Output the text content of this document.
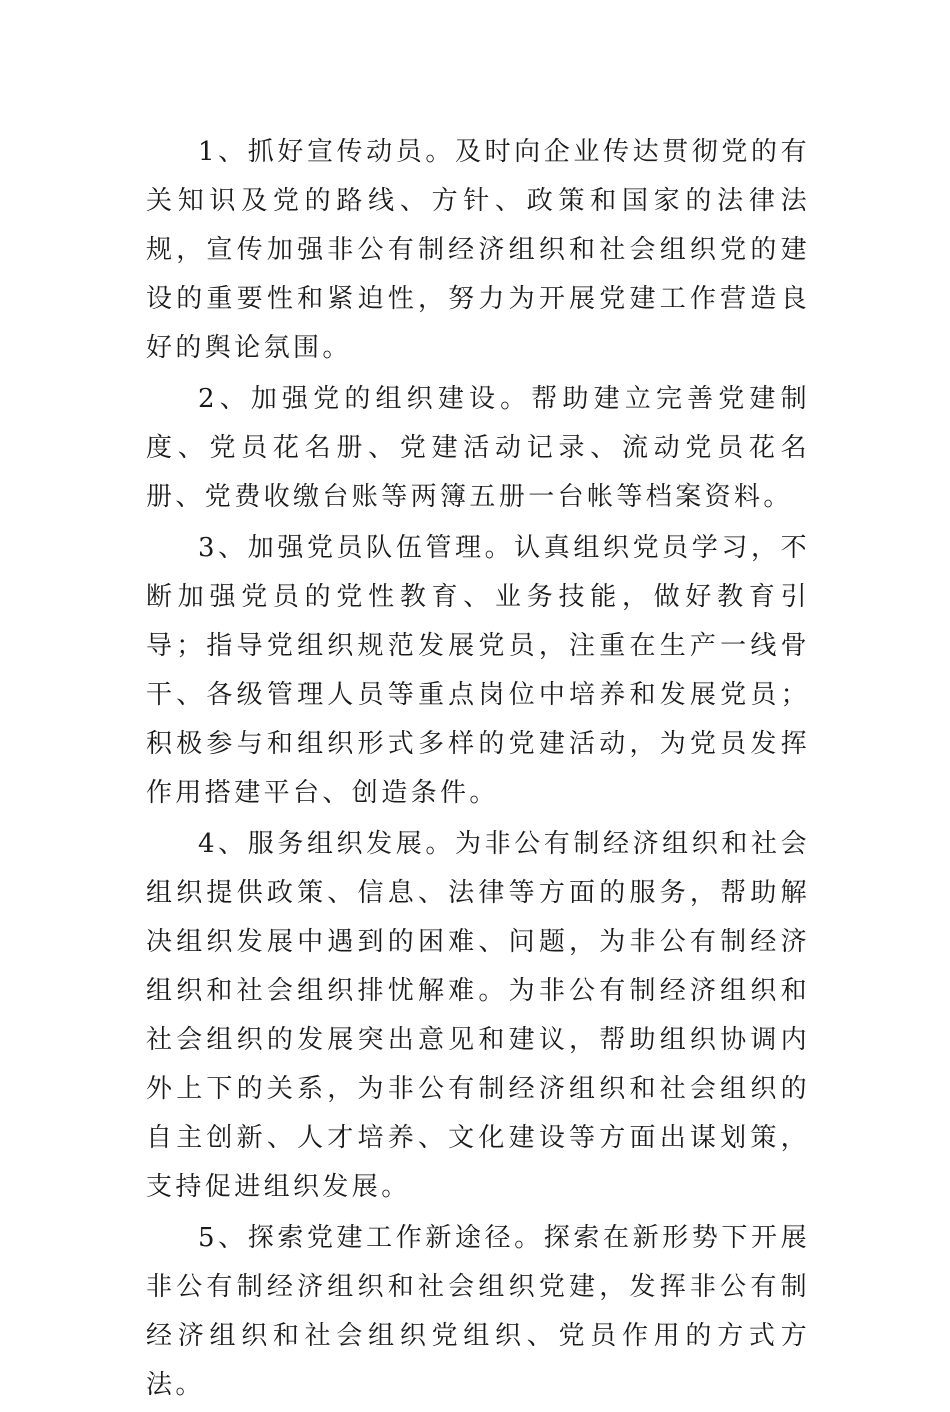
1、抓好宣传动员。及时向企业传达贯彻党的有关知识及党的路线、方针、政策和国家的法律法规，宣传加强非公有制经济组织和社会组织党的建设的重要性和紧迫性，努力为开展党建工作营造良好的舆论氛围。

2、加强党的组织建设。帮助建立完善党建制度、党员花名册、党建活动记录、流动党员花名册、党费收缴台账等两簿五册一台帐等档案资料。

3、加强党员队伍管理。认真组织党员学习，不断加强党员的党性教育、业务技能，做好教育引导；指导党组织规范发展党员，注重在生产一线骨干、各级管理人员等重点岗位中培养和发展党员；积极参与和组织形式多样的党建活动，为党员发挥作用搭建平台、创造条件。

4、服务组织发展。为非公有制经济组织和社会组织提供政策、信息、法律等方面的服务，帮助解决组织发展中遇到的困难、问题，为非公有制经济组织和社会组织排忧解难。为非公有制经济组织和社会组织的发展突出意见和建议，帮助组织协调内外上下的关系，为非公有制经济组织和社会组织的自主创新、人才培养、文化建设等方面出谋划策，支持促进组织发展。

5、探索党建工作新途径。探索在新形势下开展非公有制经济组织和社会组织党建，发挥非公有制经济组织和社会组织党组织、党员作用的方式方法。
